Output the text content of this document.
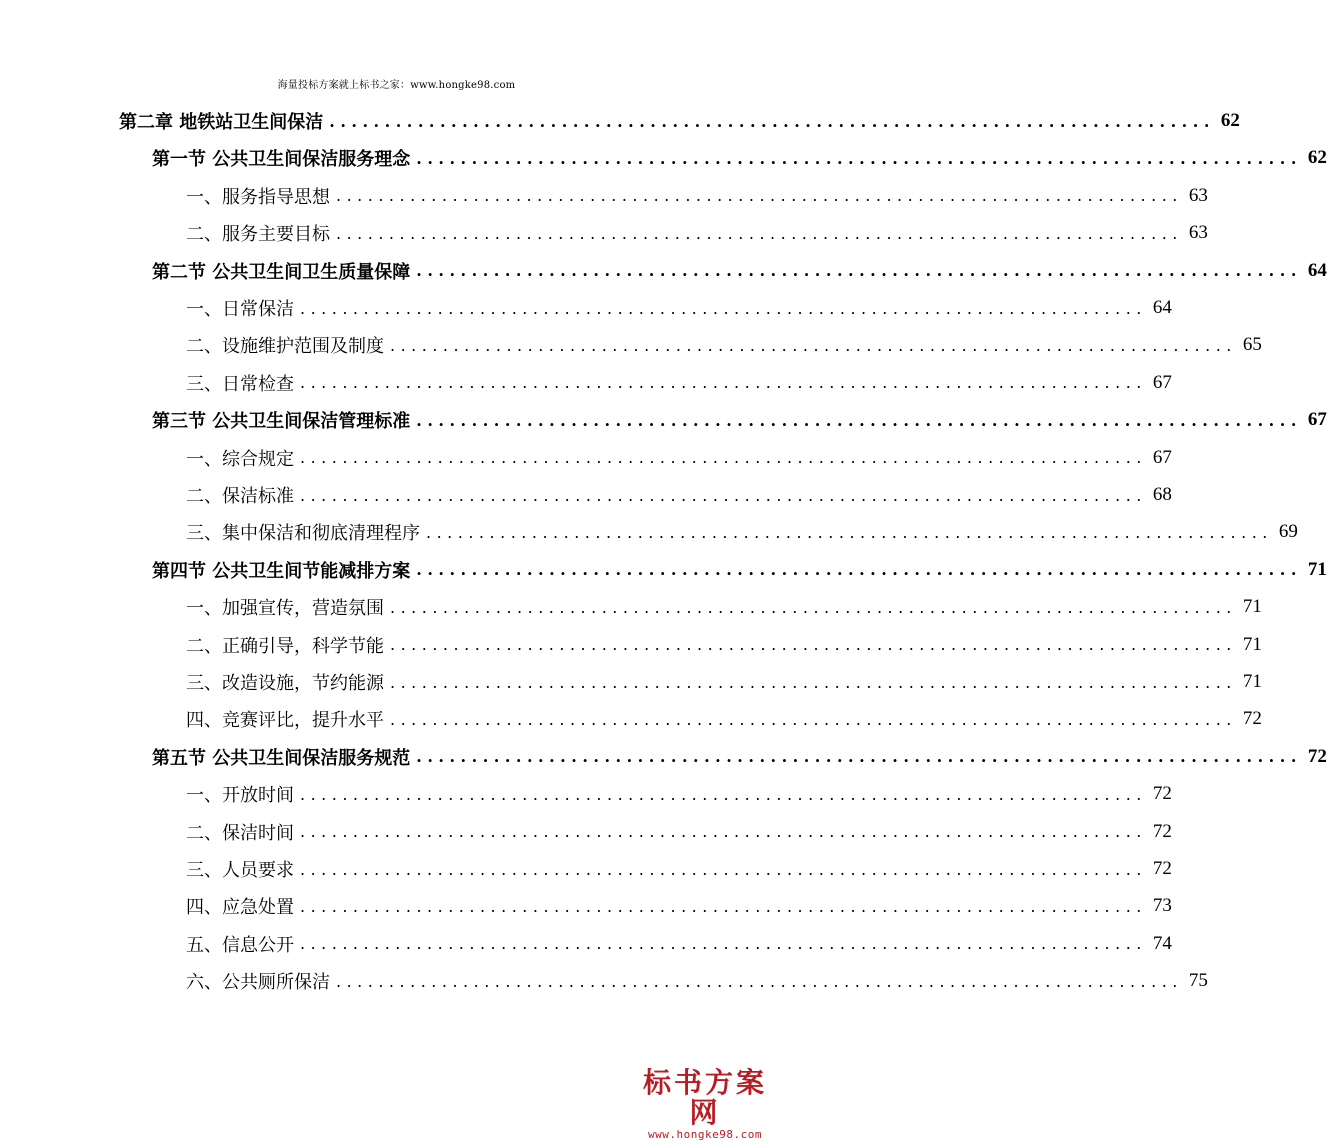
海量投标方案就上标书之家：www.hongke98.com
第二章 地铁站卫生间保洁 ................................................................................ 62
第一节 公共卫生间保洁服务理念 ................................................................................ 62
一、服务指导思想 ................................................................................ 63
二、服务主要目标 ................................................................................ 63
第二节 公共卫生间卫生质量保障 ................................................................................ 64
一、日常保洁 ................................................................................ 64
二、设施维护范围及制度 ................................................................................ 65
三、日常检查 ................................................................................ 67
第三节 公共卫生间保洁管理标准 ................................................................................ 67
一、综合规定 ................................................................................ 67
二、保洁标准 ................................................................................ 68
三、集中保洁和彻底清理程序 ................................................................................ 69
第四节 公共卫生间节能减排方案 ................................................................................ 71
一、加强宣传，营造氛围 ................................................................................ 71
二、正确引导，科学节能 ................................................................................ 71
三、改造设施，节约能源 ................................................................................ 71
四、竞赛评比，提升水平 ................................................................................ 72
第五节 公共卫生间保洁服务规范 ................................................................................ 72
一、开放时间 ................................................................................ 72
二、保洁时间 ................................................................................ 72
三、人员要求 ................................................................................ 72
四、应急处置 ................................................................................ 73
五、信息公开 ................................................................................ 74
六、公共厕所保洁 ................................................................................ 75
标书方案网
www.hongke98.com
